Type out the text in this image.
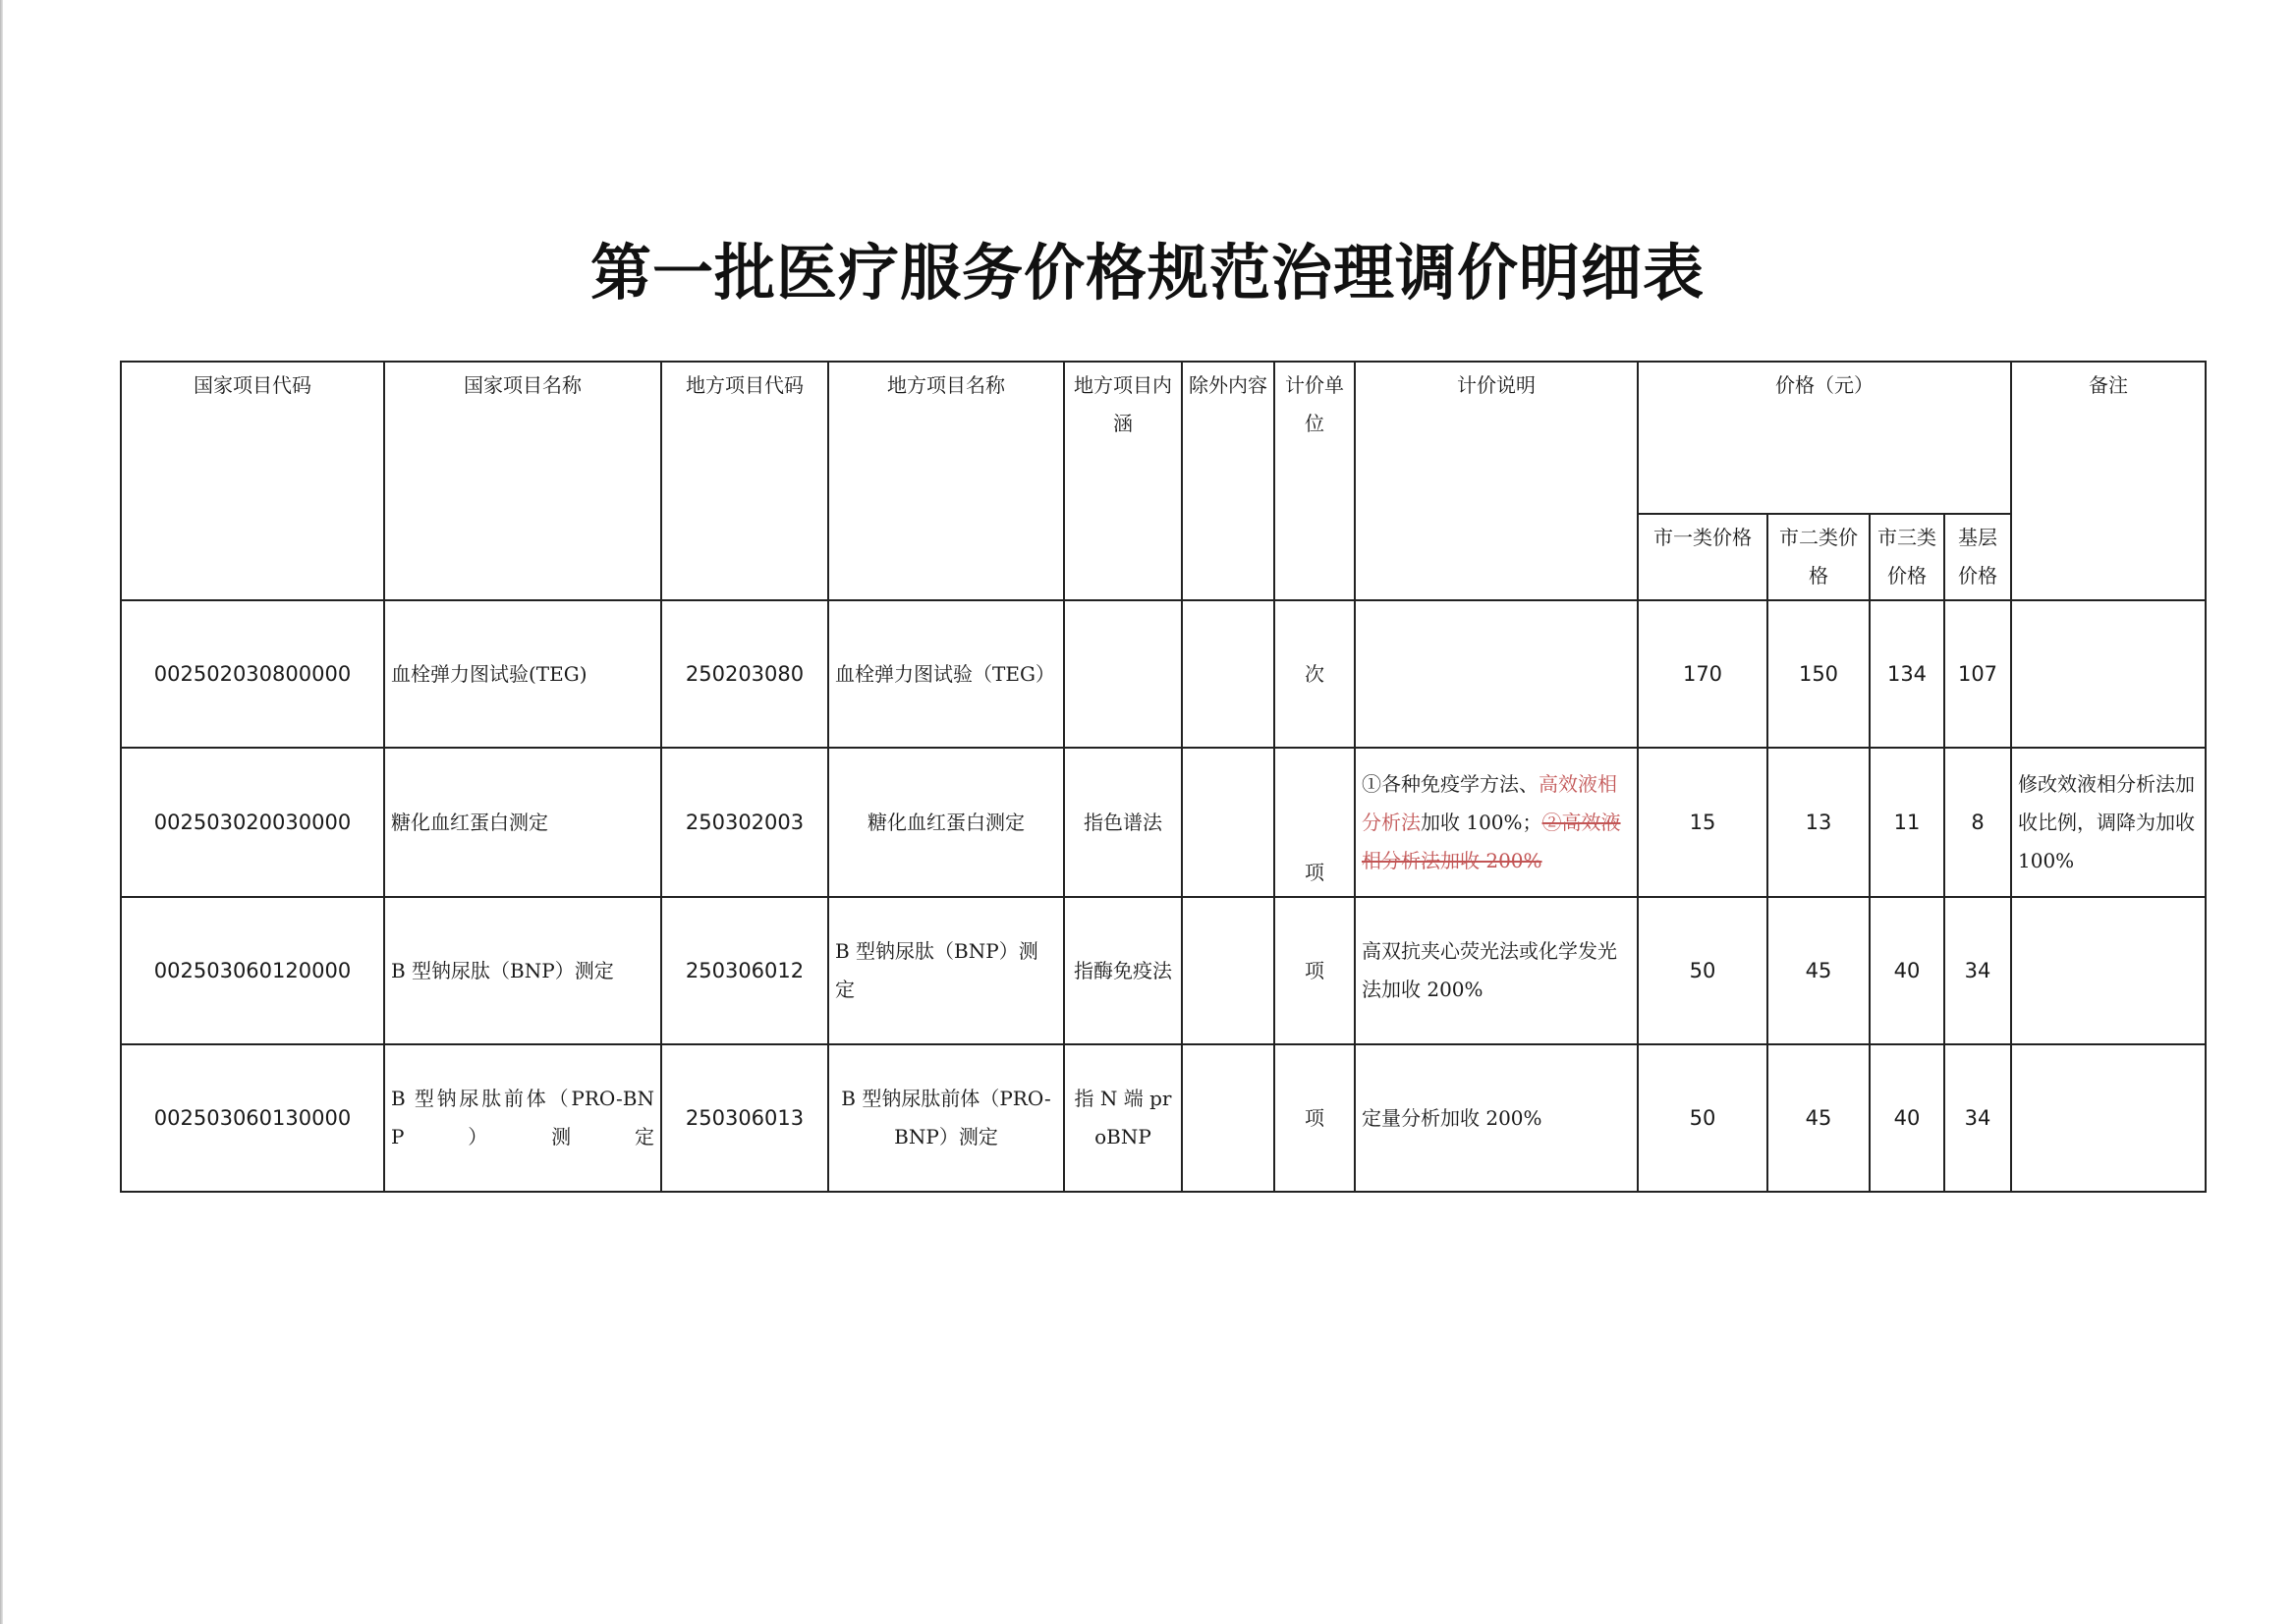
第一批医疗服务价格规范治理调价明细表
国家项目代码	国家项目名称	地方项目代码	地方项目名称	地方项目内涵	除外内容	计价单位	计价说明	价格（元）				备注
								市一类价格	市二类价格	市三类价格	基层价格	
002502030800000	血栓弹力图试验(TEG)	250203080	血栓弹力图试验（TEG）			次		170	150	134	107	
002503020030000	糖化血红蛋白测定	250302003	糖化血红蛋白测定	指色谱法		项	①各种免疫学方法、高效液相分析法加收 100%；②高效液相分析法加收 200%	15	13	11	8	修改效液相分析法加收比例，调降为加收100%
002503060120000	B 型钠尿肽（BNP）测定	250306012	B 型钠尿肽（BNP）测定	指酶免疫法		项	高双抗夹心荧光法或化学发光法加收 200%	50	45	40	34	
002503060130000	B 型钠尿肽前体（PRO-BNP）测定	250306013	B 型钠尿肽前体（PRO-BNP）测定	指 N 端 proBNP		项	定量分析加收 200%	50	45	40	34	
